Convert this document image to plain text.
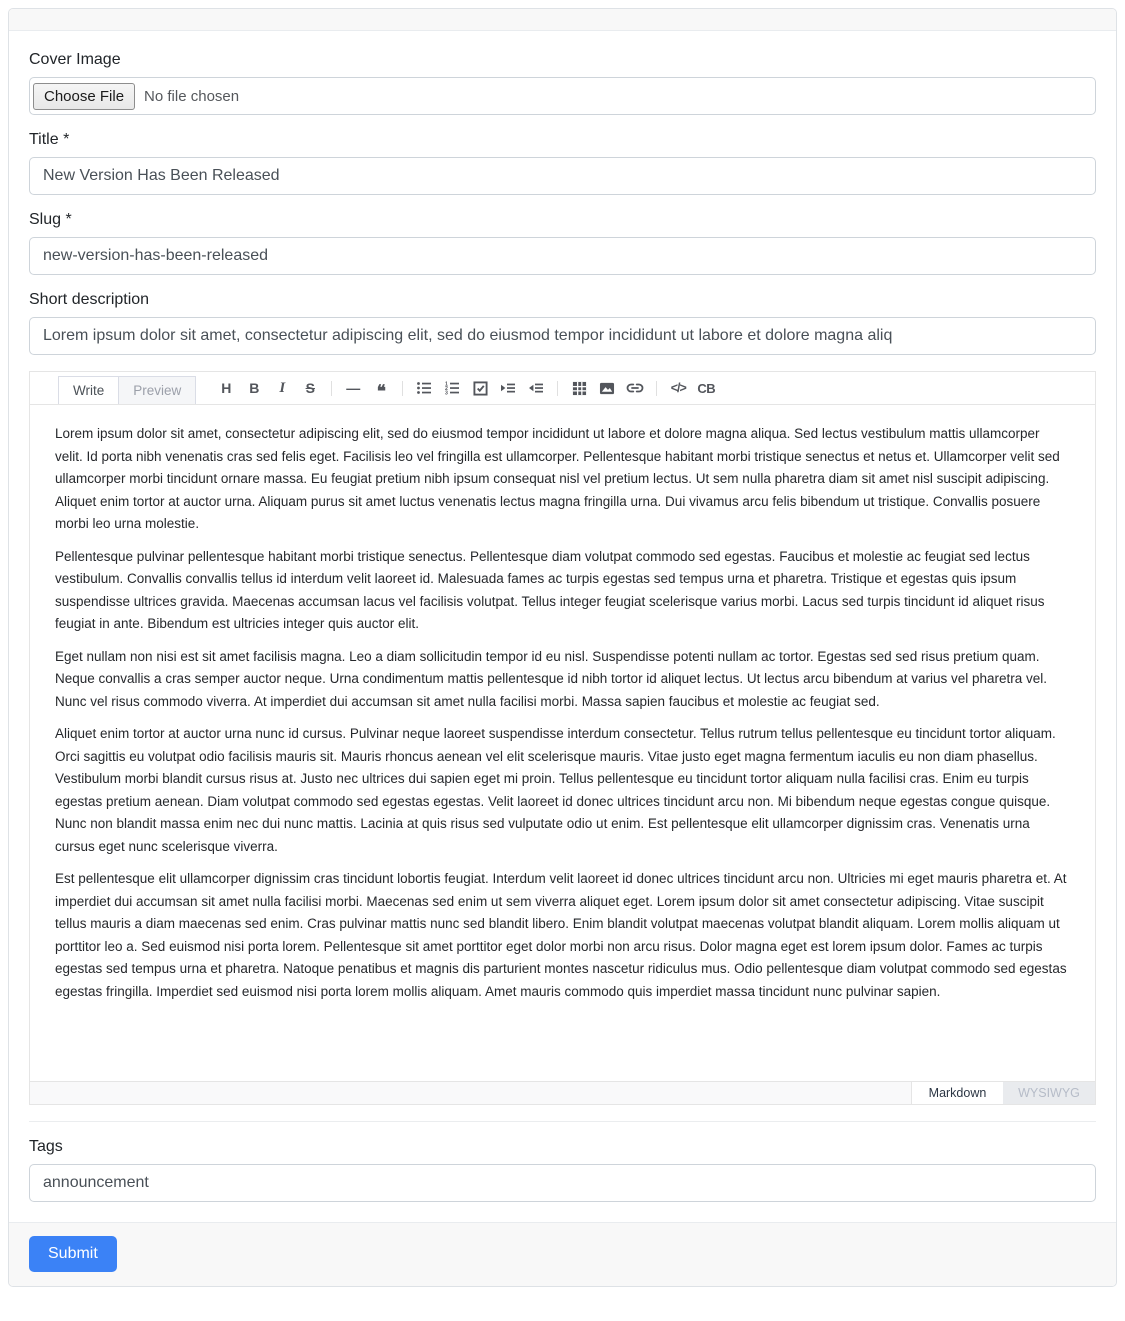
Cover Image
Choose File	No file chosen
Title *
New Version Has Been Released
Slug *
new-version-has-been-released
Short description
Lorem ipsum dolor sit amet, consectetur adipiscing elit, sed do eiusmod tempor incididunt ut labore et dolore magna aliq
Write	Preview	H B I S — ❝	1
2
3	</> CB

Lorem ipsum dolor sit amet, consectetur adipiscing elit, sed do eiusmod tempor incididunt ut labore et dolore magna aliqua. Sed lectus vestibulum mattis ullamcorper velit. Id porta nibh venenatis cras sed felis eget. Facilisis leo vel fringilla est ullamcorper. Pellentesque habitant morbi tristique senectus et netus et. Ullamcorper velit sed ullamcorper morbi tincidunt ornare massa. Eu feugiat pretium nibh ipsum consequat nisl vel pretium lectus. Ut sem nulla pharetra diam sit amet nisl suscipit adipiscing. Aliquet enim tortor at auctor urna. Aliquam purus sit amet luctus venenatis lectus magna fringilla urna. Dui vivamus arcu felis bibendum ut tristique. Convallis posuere morbi leo urna molestie.

Pellentesque pulvinar pellentesque habitant morbi tristique senectus. Pellentesque diam volutpat commodo sed egestas. Faucibus et molestie ac feugiat sed lectus vestibulum. Convallis convallis tellus id interdum velit laoreet id. Malesuada fames ac turpis egestas sed tempus urna et pharetra. Tristique et egestas quis ipsum suspendisse ultrices gravida. Maecenas accumsan lacus vel facilisis volutpat. Tellus integer feugiat scelerisque varius morbi. Lacus sed turpis tincidunt id aliquet risus feugiat in ante. Bibendum est ultricies integer quis auctor elit.

Eget nullam non nisi est sit amet facilisis magna. Leo a diam sollicitudin tempor id eu nisl. Suspendisse potenti nullam ac tortor. Egestas sed sed risus pretium quam. Neque convallis a cras semper auctor neque. Urna condimentum mattis pellentesque id nibh tortor id aliquet lectus. Ut lectus arcu bibendum at varius vel pharetra vel. Nunc vel risus commodo viverra. At imperdiet dui accumsan sit amet nulla facilisi morbi. Massa sapien faucibus et molestie ac feugiat sed.

Aliquet enim tortor at auctor urna nunc id cursus. Pulvinar neque laoreet suspendisse interdum consectetur. Tellus rutrum tellus pellentesque eu tincidunt tortor aliquam. Orci sagittis eu volutpat odio facilisis mauris sit. Mauris rhoncus aenean vel elit scelerisque mauris. Vitae justo eget magna fermentum iaculis eu non diam phasellus. Vestibulum morbi blandit cursus risus at. Justo nec ultrices dui sapien eget mi proin. Tellus pellentesque eu tincidunt tortor aliquam nulla facilisi cras. Enim eu turpis egestas pretium aenean. Diam volutpat commodo sed egestas egestas. Velit laoreet id donec ultrices tincidunt arcu non. Mi bibendum neque egestas congue quisque. Nunc non blandit massa enim nec dui nunc mattis. Lacinia at quis risus sed vulputate odio ut enim. Est pellentesque elit ullamcorper dignissim cras. Venenatis urna cursus eget nunc scelerisque viverra.

Est pellentesque elit ullamcorper dignissim cras tincidunt lobortis feugiat. Interdum velit laoreet id donec ultrices tincidunt arcu non. Ultricies mi eget mauris pharetra et. At imperdiet dui accumsan sit amet nulla facilisi morbi. Maecenas sed enim ut sem viverra aliquet eget. Lorem ipsum dolor sit amet consectetur adipiscing. Vitae suscipit tellus mauris a diam maecenas sed enim. Cras pulvinar mattis nunc sed blandit libero. Enim blandit volutpat maecenas volutpat blandit aliquam. Lorem mollis aliquam ut porttitor leo a. Sed euismod nisi porta lorem. Pellentesque sit amet porttitor eget dolor morbi non arcu risus. Dolor magna eget est lorem ipsum dolor. Fames ac turpis egestas sed tempus urna et pharetra. Natoque penatibus et magnis dis parturient montes nascetur ridiculus mus. Odio pellentesque diam volutpat commodo sed egestas egestas fringilla. Imperdiet sed euismod nisi porta lorem mollis aliquam. Amet mauris commodo quis imperdiet massa tincidunt nunc pulvinar sapien.

Markdown	WYSIWYG
Tags
announcement
Submit
